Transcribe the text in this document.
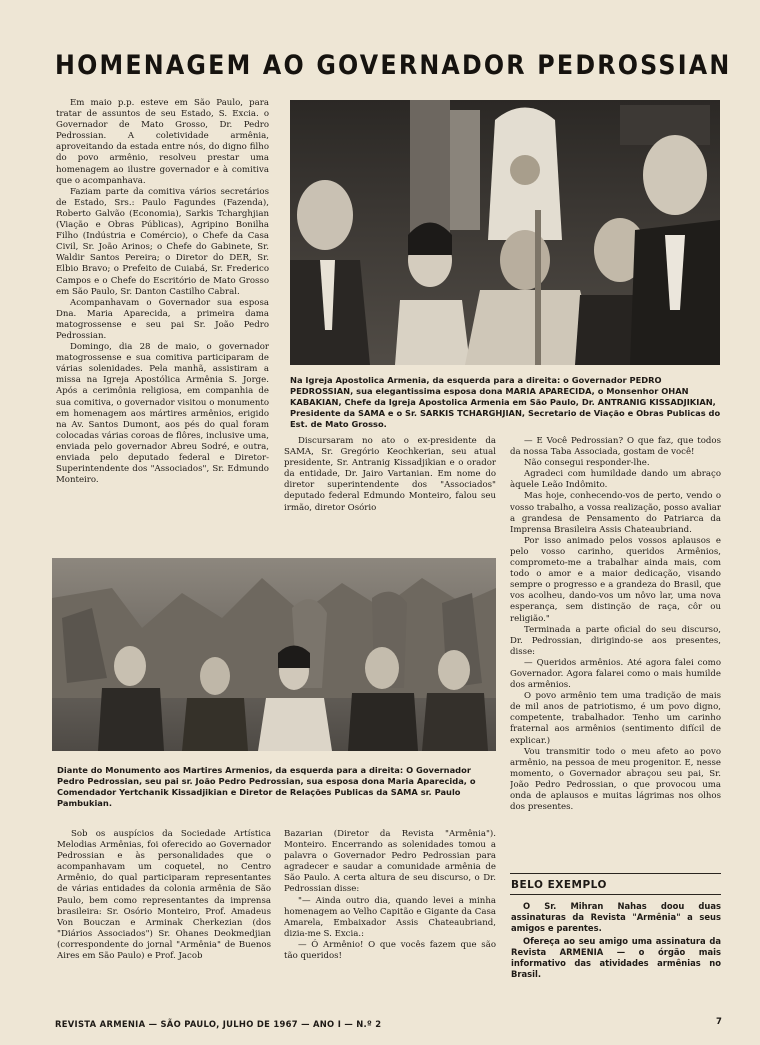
HOMENAGEM AO GOVERNADOR PEDROSSIAN

Em maio p.p. esteve em São Paulo, para tratar de assuntos de seu Estado, S. Excia. o Governador de Mato Grosso, Dr. Pedro Pedrossian. A coletividade armênia, aproveitando da estada entre nós, do digno filho do povo armênio, resolveu prestar uma homenagem ao ilustre governador e à comitiva que o acompanhava.

Faziam parte da comitiva vários secretários de Estado, Srs.: Paulo Fagundes (Fazenda), Roberto Galvão (Economia), Sarkis Tcharghjian (Viação e Obras Públicas), Agripino Bonilha Filho (Indústria e Comércio), o Chefe da Casa Civil, Sr. João Arinos; o Chefe do Gabinete, Sr. Waldir Santos Pereira; o Diretor do DER, Sr. Elbio Bravo; o Prefeito de Cuiabá, Sr. Frederico Campos e o Chefe do Escritório de Mato Grosso em São Paulo, Sr. Danton Castilho Cabral.

Acompanhavam o Governador sua esposa Dna. Maria Aparecida, a primeira dama matogrossense e seu pai Sr. João Pedro Pedrossian.

Domingo, dia 28 de maio, o governador matogrossense e sua comitiva participaram de várias solenidades. Pela manhã, assistiram a missa na Igreja Apostólica Armênia S. Jorge. Após a cerimônia religiosa, em companhia de sua comitiva, o governador visitou o monumento em homenagem aos mártires armênios, erigido na Av. Santos Dumont, aos pés do qual foram colocadas várias coroas de flôres, inclusive uma, enviada pelo governador Abreu Sodré, e outra, enviada pelo deputado federal e Diretor-Superintendente dos "Associados", Sr. Edmundo Monteiro.

Na Igreja Apostolica Armenia, da esquerda para a direita: o Governador PEDRO PEDROSSIAN, sua elegantissima esposa dona MARIA APARECIDA, o Monsenhor OHAN KABAKIAN, Chefe da Igreja Apostolica Armenia em São Paulo, Dr. ANTRANIG KISSADJIKIAN, Presidente da SAMA e o Sr. SARKIS TCHARGHJIAN, Secretario de Viação e Obras Publicas do Est. de Mato Grosso.

Discursaram no ato o ex-presidente da SAMA, Sr. Gregório Keochkerian, seu atual presidente, Sr. Antranig Kissadjikian e o orador da entidade, Dr. Jairo Vartanian. Em nome do diretor superintendente dos "Associados" deputado federal Edmundo Monteiro, falou seu irmão, diretor Osório

— E Você Pedrossian? O que faz, que todos da nossa Taba Associada, gostam de você!

Não consegui responder-lhe.

Agradeci com humildade dando um abraço àquele Leão Indômito.

Mas hoje, conhecendo-vos de perto, vendo o vosso trabalho, a vossa realização, posso avaliar a grandesa de Pensamento do Patriarca da Imprensa Brasileira Assis Chateaubriand.

Por isso animado pelos vossos aplausos e pelo vosso carinho, queridos Armênios, comprometo-me a trabalhar ainda mais, com todo o amor e a maior dedicação, visando sempre o progresso e a grandeza do Brasil, que vos acolheu, dando-vos um nôvo lar, uma nova esperança, sem distinção de raça, côr ou religião."

Terminada a parte oficial do seu discurso, Dr. Pedrossian, dirigindo-se aos presentes, disse:

— Queridos armênios. Até agora falei como Governador. Agora falarei como o mais humilde dos armênios.

O povo armênio tem uma tradição de mais de mil anos de patriotismo, é um povo digno, competente, trabalhador. Tenho um carinho fraternal aos armênios (sentimento difícil de explicar.)

Vou transmitir todo o meu afeto ao povo armênio, na pessoa de meu progenitor. E, nesse momento, o Governador abraçou seu pai, Sr. João Pedro Pedrossian, o que provocou uma onda de aplausos e muitas lágrimas nos olhos dos presentes.

Diante do Monumento aos Martires Armenios, da esquerda para a direita: O Governador Pedro Pedrossian, seu pai sr. João Pedro Pedrossian, sua esposa dona Maria Aparecida, o Comendador Yertchanik Kissadjikian e Diretor de Relações Publicas da SAMA sr. Paulo Pambukian.

Sob os auspícios da Sociedade Artística Melodias Armênias, foi oferecido ao Governador Pedrossian e às personalidades que o acompanhavam um coquetel, no Centro Armênio, do qual participaram representantes de várias entidades da colonia armênia de São Paulo, bem como representantes da imprensa brasileira: Sr. Osório Monteiro, Prof. Amadeus Von Bouczan e Arminak Cherkezian (dos "Diários Associados") Sr. Ohanes Deokmedjian (correspondente do jornal "Armênia" de Buenos Aires em São Paulo) e Prof. Jacob

Bazarian (Diretor da Revista "Armênia"). Monteiro. Encerrando as solenidades tomou a palavra o Governador Pedro Pedrossian para agradecer e saudar a comunidade armênia de São Paulo. A certa altura de seu discurso, o Dr. Pedrossian disse:

"— Ainda outro dia, quando levei a minha homenagem ao Velho Capitão e Gigante da Casa Amarela, Embaixador Assis Chateaubriand, dizia-me S. Excia.:

— Ó Armênio! O que vocês fazem que são tão queridos!

BELO EXEMPLO

O Sr. Mihran Nahas doou duas assinaturas da Revista "Armênia" a seus amigos e parentes.

Ofereça ao seu amigo uma assinatura da Revista ARMENIA — o órgão mais informativo das atividades armênias no Brasil.

REVISTA ARMENIA — SÃO PAULO, JULHO DE 1967 — ANO I — N.º 2	7
